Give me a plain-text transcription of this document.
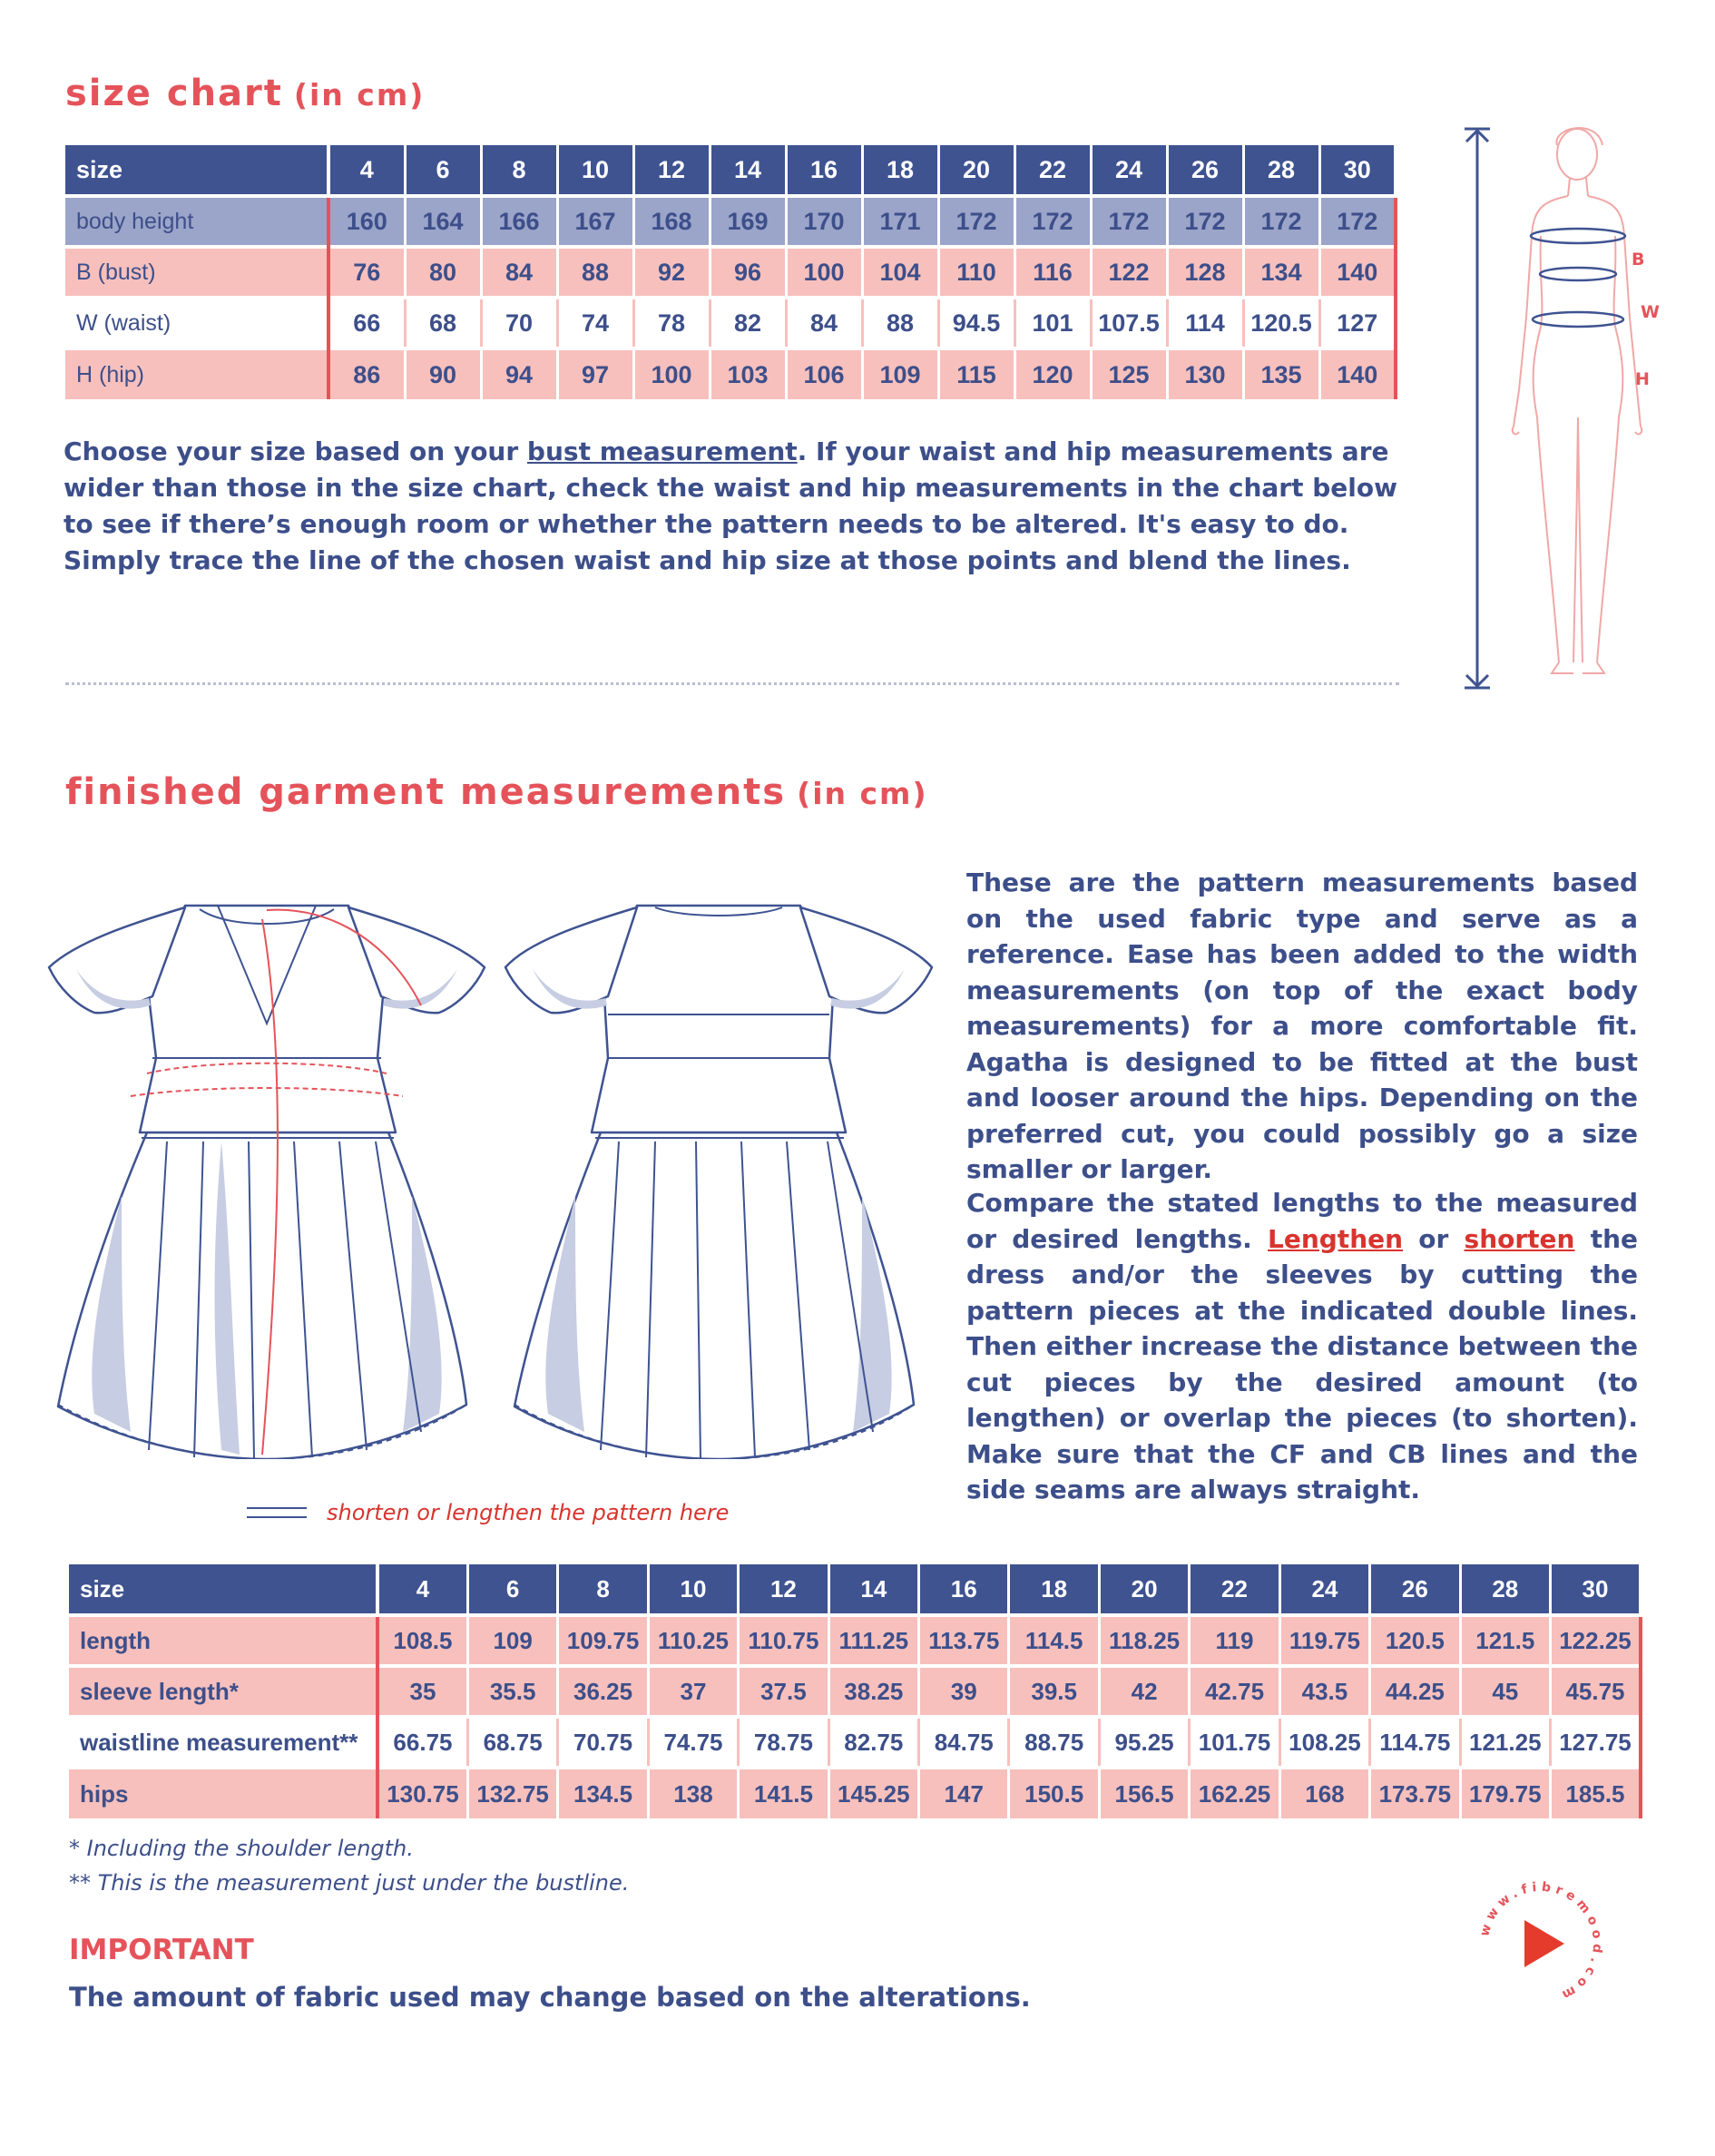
size chart (in cm)
size	4	6	8	10	12	14	16	18	20	22	24	26	28	30
body height	160	164	166	167	168	169	170	171	172	172	172	172	172	172
B (bust)	76	80	84	88	92	96	100	104	110	116	122	128	134	140
W (waist)	66	68	70	74	78	82	84	88	94.5	101	107.5	114	120.5	127
H (hip)	86	90	94	97	100	103	106	109	115	120	125	130	135	140
Choose your size based on your bust measurement. If your waist and hip measurements are wider than those in the size chart, check the waist and hip measurements in the chart below to see if there’s enough room or whether the pattern needs to be altered. It's easy to do. Simply trace the line of the chosen waist and hip size at those points and blend the lines.
B
W
H
finished garment measurements (in cm)
These are the pattern measurements based on the used fabric type and serve as a reference. Ease has been added to the width measurements (on top of the exact body measurements) for a more comfortable fit. Agatha is designed to be fitted at the bust and looser around the hips. Depending on the preferred cut, you could possibly go a size smaller or larger.
Compare the stated lengths to the measured or desired lengths. Lengthen or shorten the dress and/or the sleeves by cutting the pattern pieces at the indicated double lines. Then either increase the distance between the cut pieces by the desired amount (to lengthen) or overlap the pieces (to shorten). Make sure that the CF and CB lines and the side seams are always straight.
shorten or lengthen the pattern here
size	4	6	8	10	12	14	16	18	20	22	24	26	28	30
length	108.5	109	109.75	110.25	110.75	111.25	113.75	114.5	118.25	119	119.75	120.5	121.5	122.25
sleeve length*	35	35.5	36.25	37	37.5	38.25	39	39.5	42	42.75	43.5	44.25	45	45.75
waistline measurement**	66.75	68.75	70.75	74.75	78.75	82.75	84.75	88.75	95.25	101.75	108.25	114.75	121.25	127.75
hips	130.75	132.75	134.5	138	141.5	145.25	147	150.5	156.5	162.25	168	173.75	179.75	185.5
* Including the shoulder length.
** This is the measurement just under the bustline.
IMPORTANT
The amount of fabric used may change based on the alterations.
www.fibremood.com
